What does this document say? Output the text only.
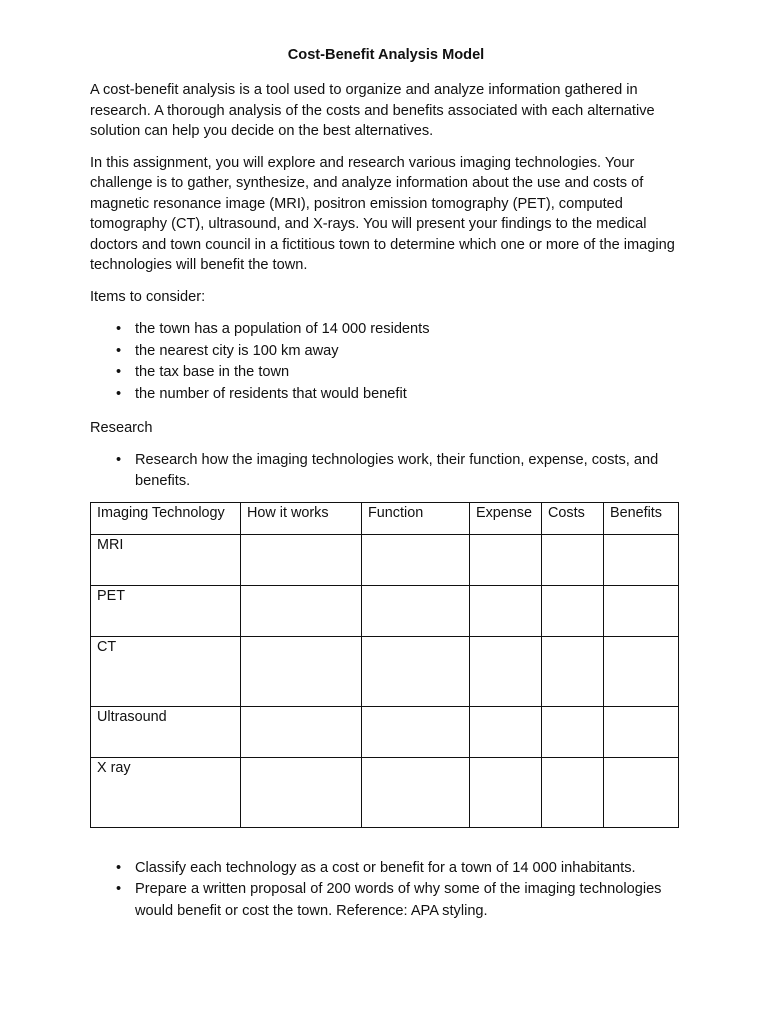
Cost-Benefit Analysis Model

A cost-benefit analysis is a tool used to organize and analyze information gathered in research. A thorough analysis of the costs and benefits associated with each alternative solution can help you decide on the best alternatives.

In this assignment, you will explore and research various imaging technologies. Your challenge is to gather, synthesize, and analyze information about the use and costs of magnetic resonance image (MRI), positron emission tomography (PET), computed tomography (CT), ultrasound, and X-rays. You will present your findings to the medical doctors and town council in a fictitious town to determine which one or more of the imaging technologies will benefit the town.

Items to consider:

• the town has a population of 14 000 residents
• the nearest city is 100 km away
• the tax base in the town
• the number of residents that would benefit

Research

• Research how the imaging technologies work, their function, expense, costs, and benefits.
Imaging Technology	How it works	Function	Expense	Costs	Benefits
MRI					
PET					
CT					
Ultrasound					
X ray					
• Classify each technology as a cost or benefit for a town of 14 000 inhabitants.
• Prepare a written proposal of 200 words of why some of the imaging technologies would benefit or cost the town. Reference: APA styling.
